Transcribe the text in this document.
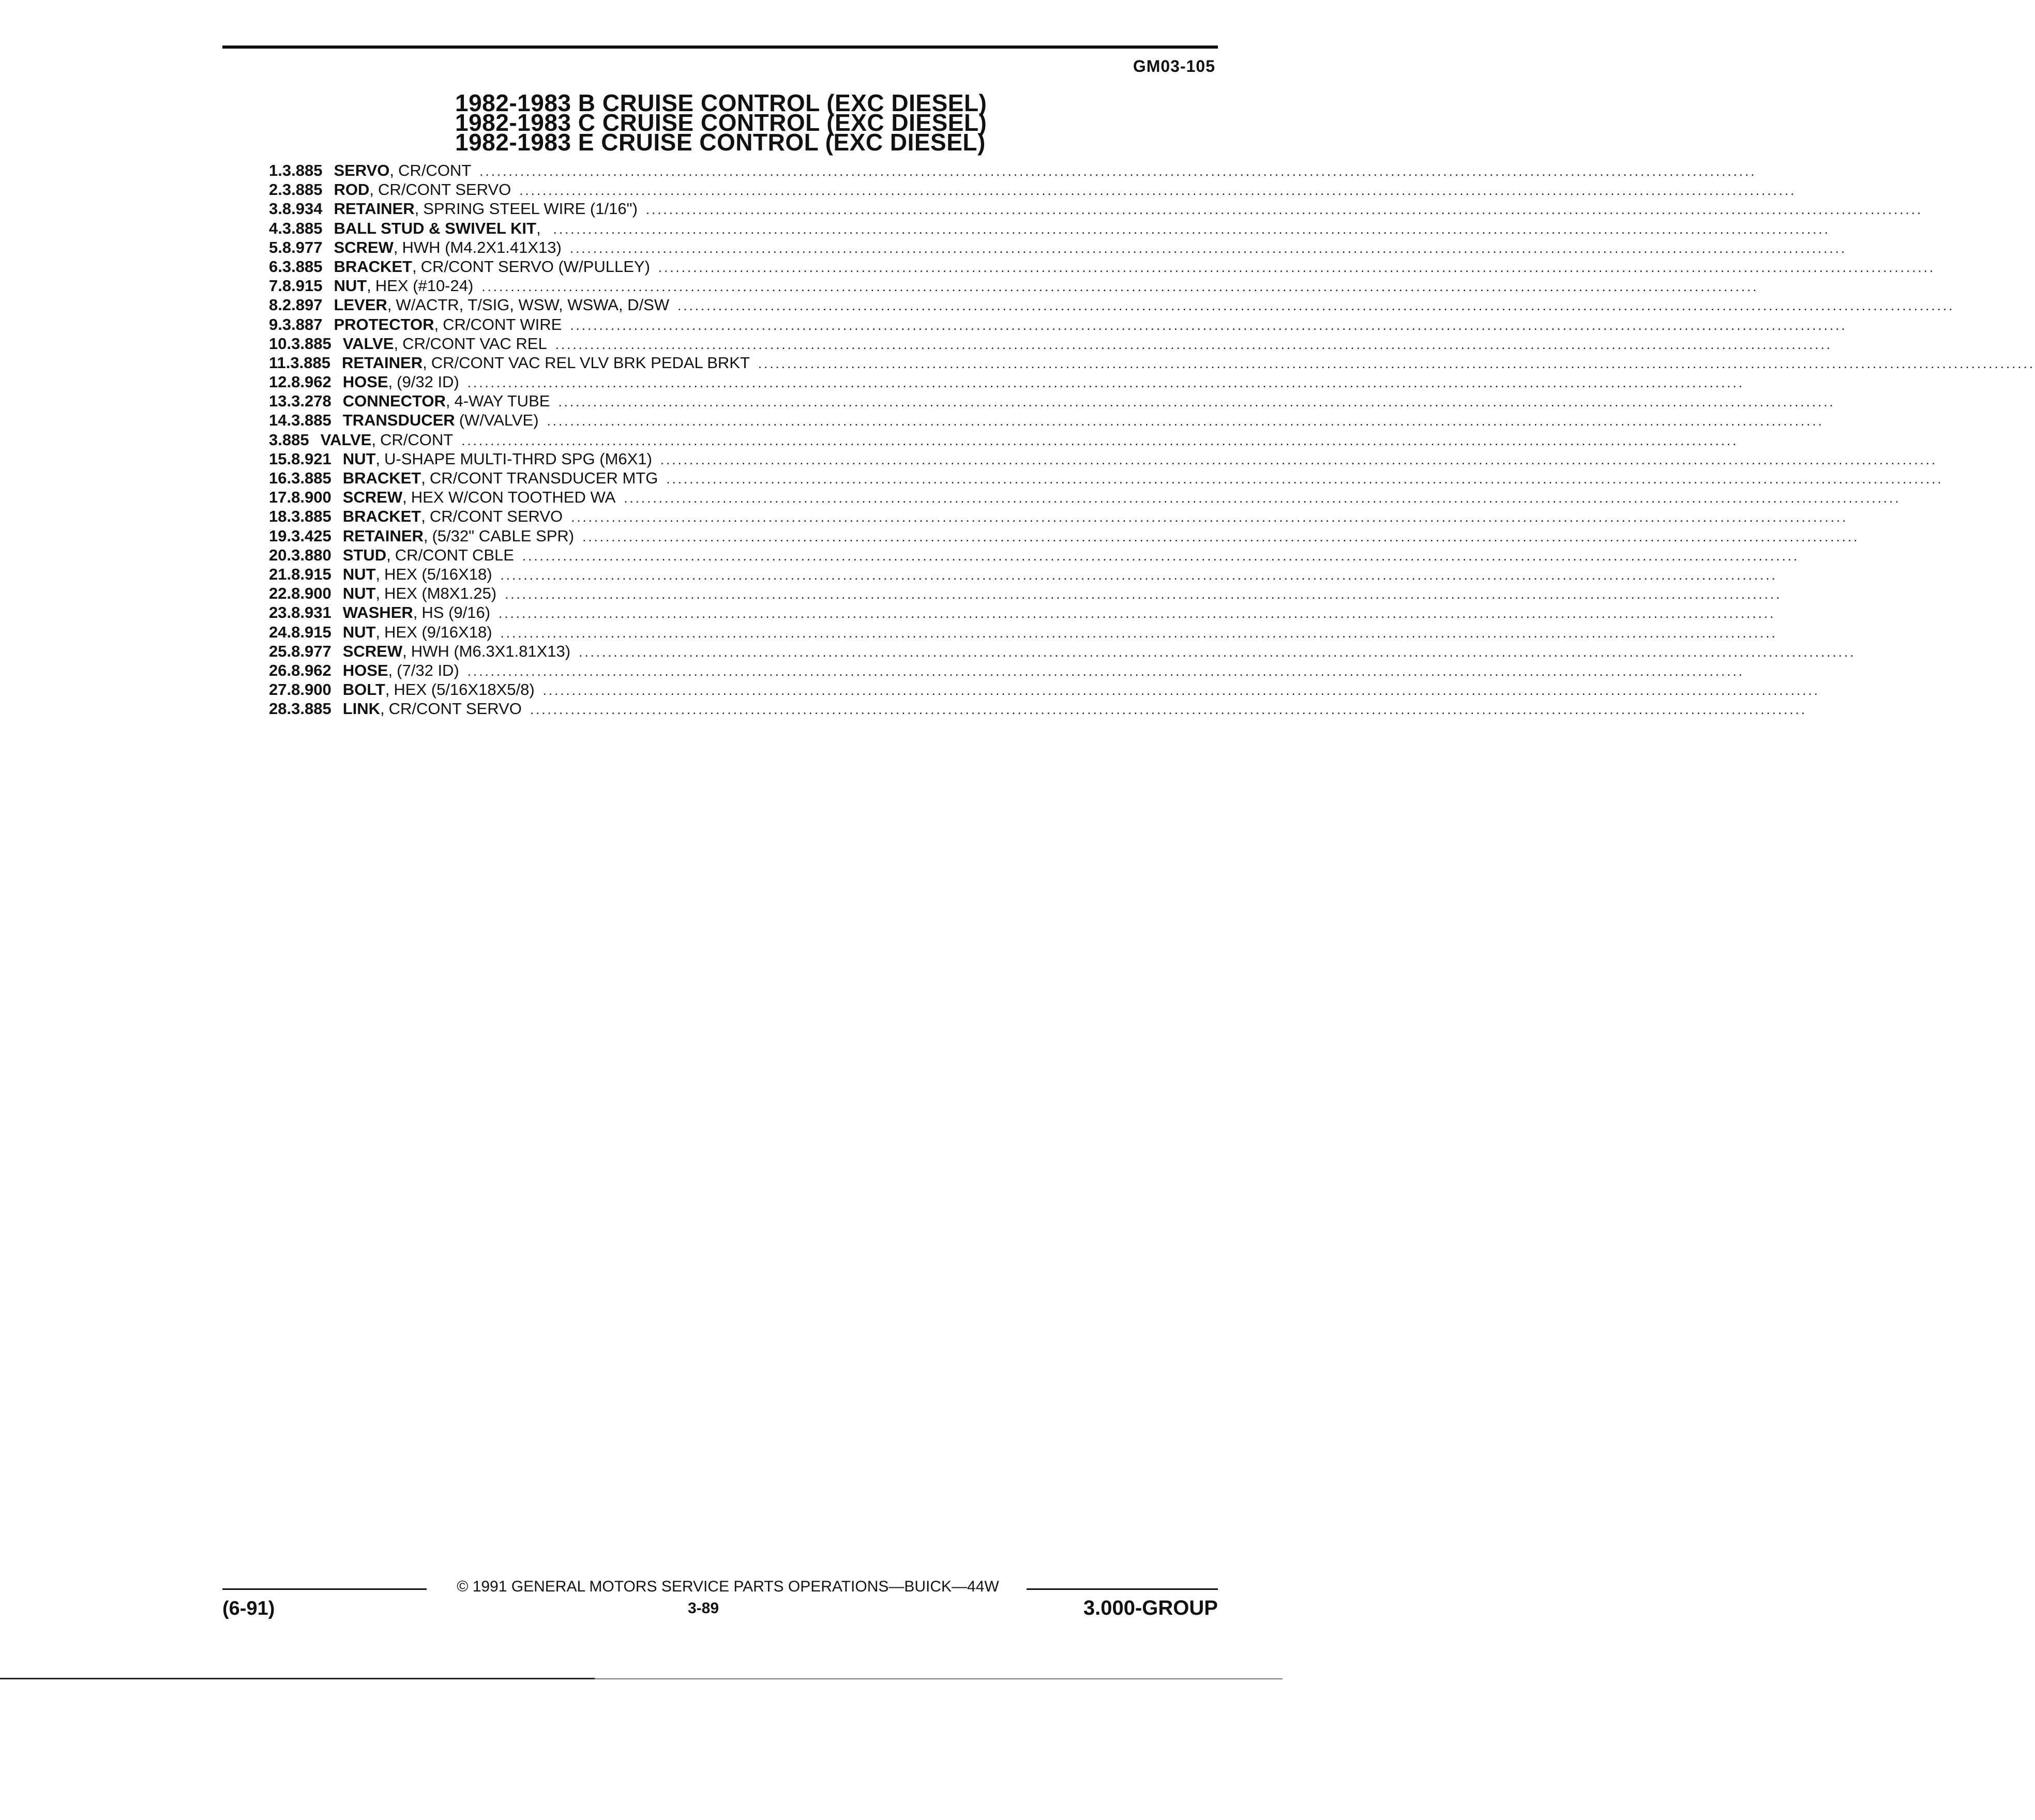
GM03-105
1982-1983 B CRUISE CONTROL (EXC DIESEL)
1982-1983 C CRUISE CONTROL (EXC DIESEL)
1982-1983 E CRUISE CONTROL (EXC DIESEL)
1. 3.885 SERVO , CR/CONT ............................................................................................................................................................................................................................
2. 3.885 ROD , CR/CONT SERVO ............................................................................................................................................................................................................................
3. 8.934 RETAINER , SPRING STEEL WIRE (1/16") ............................................................................................................................................................................................................................
4. 3.885 BALL STUD & SWIVEL KIT , ............................................................................................................................................................................................................................
5. 8.977 SCREW , HWH (M4.2X1.41X13) ............................................................................................................................................................................................................................
6. 3.885 BRACKET , CR/CONT SERVO (W/PULLEY) ............................................................................................................................................................................................................................
7. 8.915 NUT , HEX (#10-24) ............................................................................................................................................................................................................................
8. 2.897 LEVER , W/ACTR, T/SIG, WSW, WSWA, D/SW ............................................................................................................................................................................................................................
9. 3.887 PROTECTOR , CR/CONT WIRE ............................................................................................................................................................................................................................
10. 3.885 VALVE , CR/CONT VAC REL ............................................................................................................................................................................................................................
11. 3.885 RETAINER , CR/CONT VAC REL VLV BRK PEDAL BRKT ............................................................................................................................................................................................................................
12. 8.962 HOSE , (9/32 ID) ............................................................................................................................................................................................................................
13. 3.278 CONNECTOR , 4-WAY TUBE ............................................................................................................................................................................................................................
14. 3.885 TRANSDUCER (W/VALVE) ............................................................................................................................................................................................................................
3.885 VALVE , CR/CONT ............................................................................................................................................................................................................................
15. 8.921 NUT , U-SHAPE MULTI-THRD SPG (M6X1) ............................................................................................................................................................................................................................
16. 3.885 BRACKET , CR/CONT TRANSDUCER MTG ............................................................................................................................................................................................................................
17. 8.900 SCREW , HEX W/CON TOOTHED WA ............................................................................................................................................................................................................................
18. 3.885 BRACKET , CR/CONT SERVO ............................................................................................................................................................................................................................
19. 3.425 RETAINER , (5/32" CABLE SPR) ............................................................................................................................................................................................................................
20. 3.880 STUD , CR/CONT CBLE ............................................................................................................................................................................................................................
21. 8.915 NUT , HEX (5/16X18) ............................................................................................................................................................................................................................
22. 8.900 NUT , HEX (M8X1.25) ............................................................................................................................................................................................................................
23. 8.931 WASHER , HS (9/16) ............................................................................................................................................................................................................................
24. 8.915 NUT , HEX (9/16X18) ............................................................................................................................................................................................................................
25. 8.977 SCREW , HWH (M6.3X1.81X13) ............................................................................................................................................................................................................................
26. 8.962 HOSE , (7/32 ID) ............................................................................................................................................................................................................................
27. 8.900 BOLT , HEX (5/16X18X5/8) ............................................................................................................................................................................................................................
28. 3.885 LINK , CR/CONT SERVO ............................................................................................................................................................................................................................
© 1991 GENERAL MOTORS SERVICE PARTS OPERATIONS—BUICK—44W
(6-91)	3-89	3.000-GROUP
